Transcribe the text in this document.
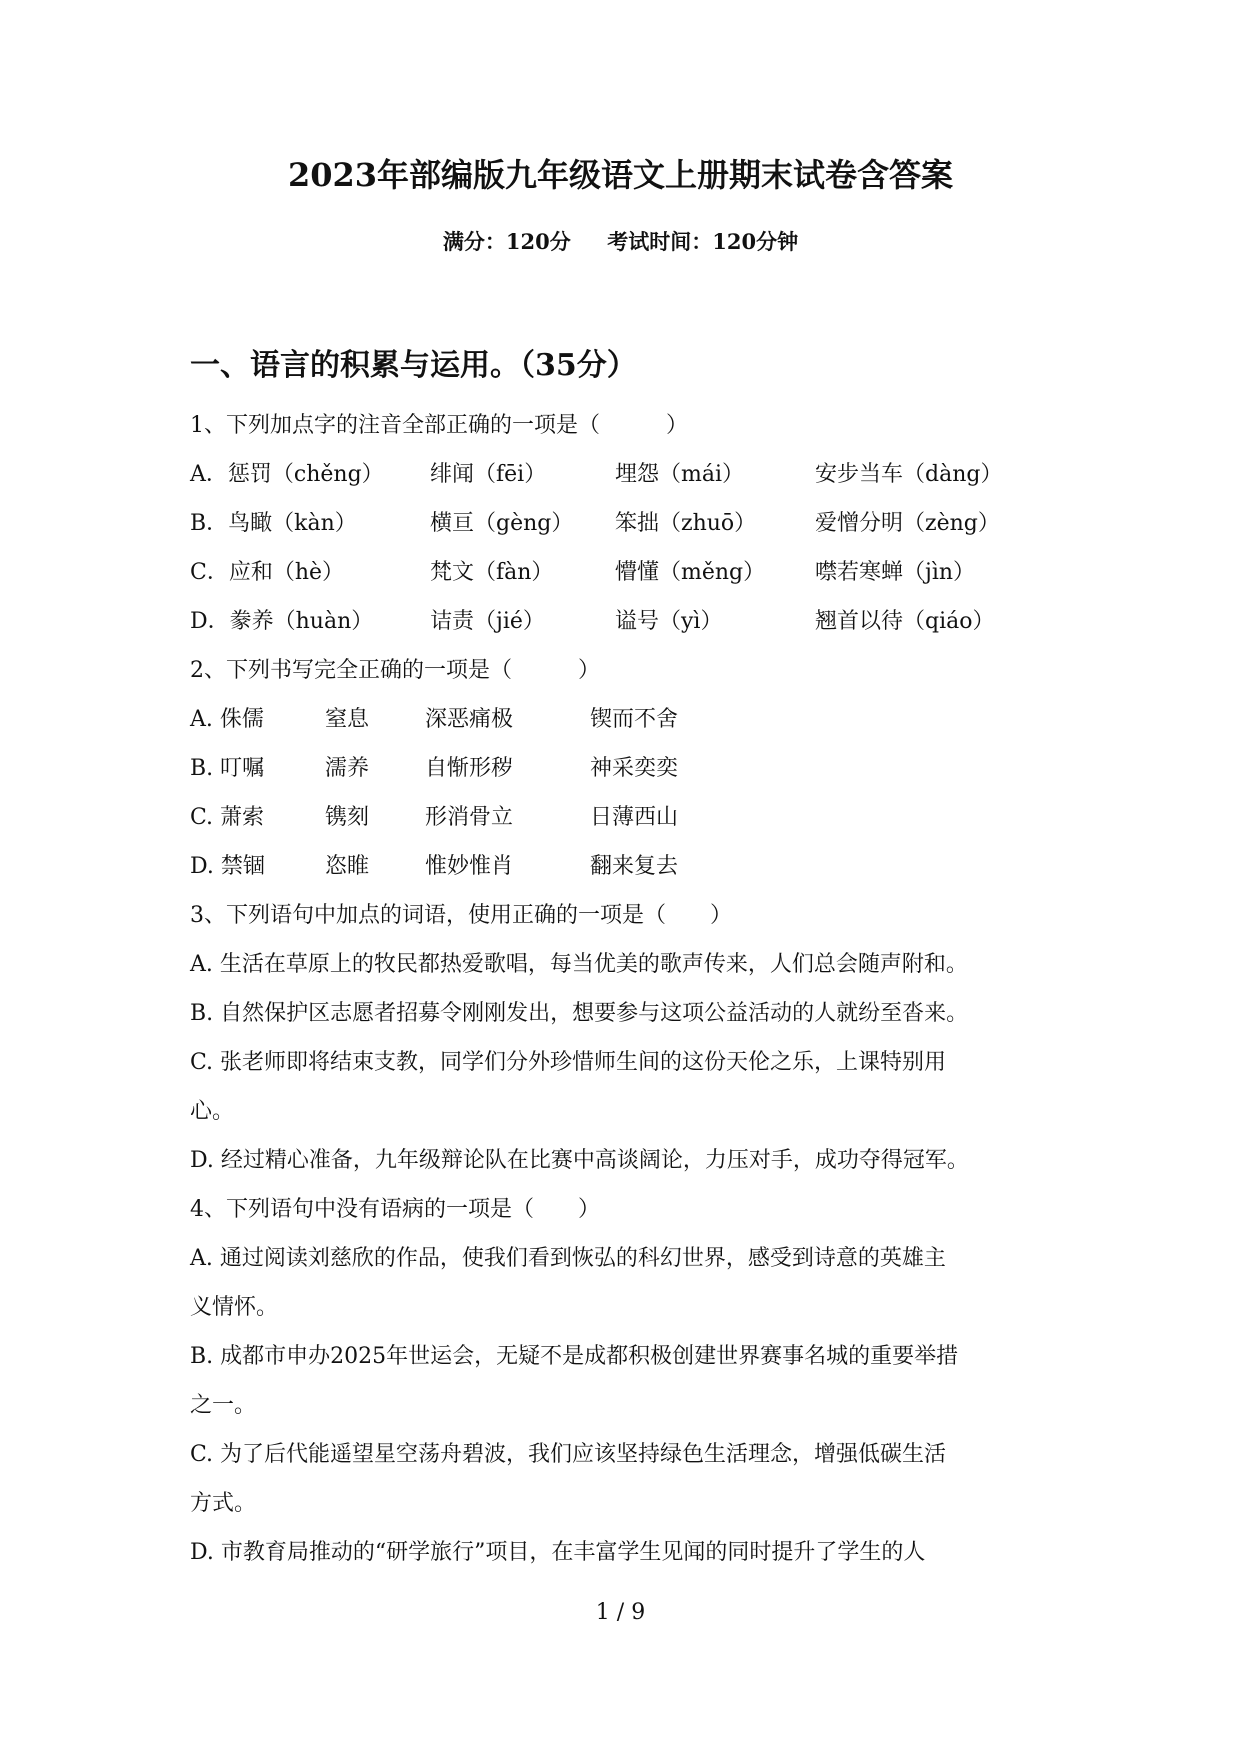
2023年部编版九年级语文上册期末试卷含答案
满分：120分     考试时间：120分钟
一、语言的积累与运用。（35分）
1、下列加点字的注音全部正确的一项是（　　　）
A．惩罚（chěng） 绯闻（fēi）	埋怨（mái）	安步当车（dàng）
B．鸟瞰（kàn）	横亘（gèng） 笨拙（zhuō）	爱憎分明（zèng）
C．应和（hè）	梵文（fàn）	懵懂（měng） 噤若寒蝉（jìn）
D．豢养（huàn）	诘责（jié）	谥号（yì）	翘首以待（qiáo）
2、下列书写完全正确的一项是（　　　）
A. 侏儒	窒息	深恶痛极	锲而不舍
B. 叮嘱	濡养	自惭形秽	神采奕奕
C. 萧索	镌刻	形消骨立	日薄西山
D. 禁锢	恣睢	惟妙惟肖	翻来复去
3、下列语句中加点的词语，使用正确的一项是（　　）
A. 生活在草原上的牧民都热爱歌唱，每当优美的歌声传来，人们总会随声附和。
B. 自然保护区志愿者招募令刚刚发出，想要参与这项公益活动的人就纷至沓来。
C. 张老师即将结束支教，同学们分外珍惜师生间的这份天伦之乐，上课特别用
心。
D. 经过精心准备，九年级辩论队在比赛中高谈阔论，力压对手，成功夺得冠军。
4、下列语句中没有语病的一项是（　　）
A. 通过阅读刘慈欣的作品，使我们看到恢弘的科幻世界，感受到诗意的英雄主
义情怀。
B. 成都市申办2025年世运会，无疑不是成都积极创建世界赛事名城的重要举措
之一。
C. 为了后代能遥望星空荡舟碧波，我们应该坚持绿色生活理念，增强低碳生活
方式。
D. 市教育局推动的“研学旅行”项目，在丰富学生见闻的同时提升了学生的人
1 / 9
